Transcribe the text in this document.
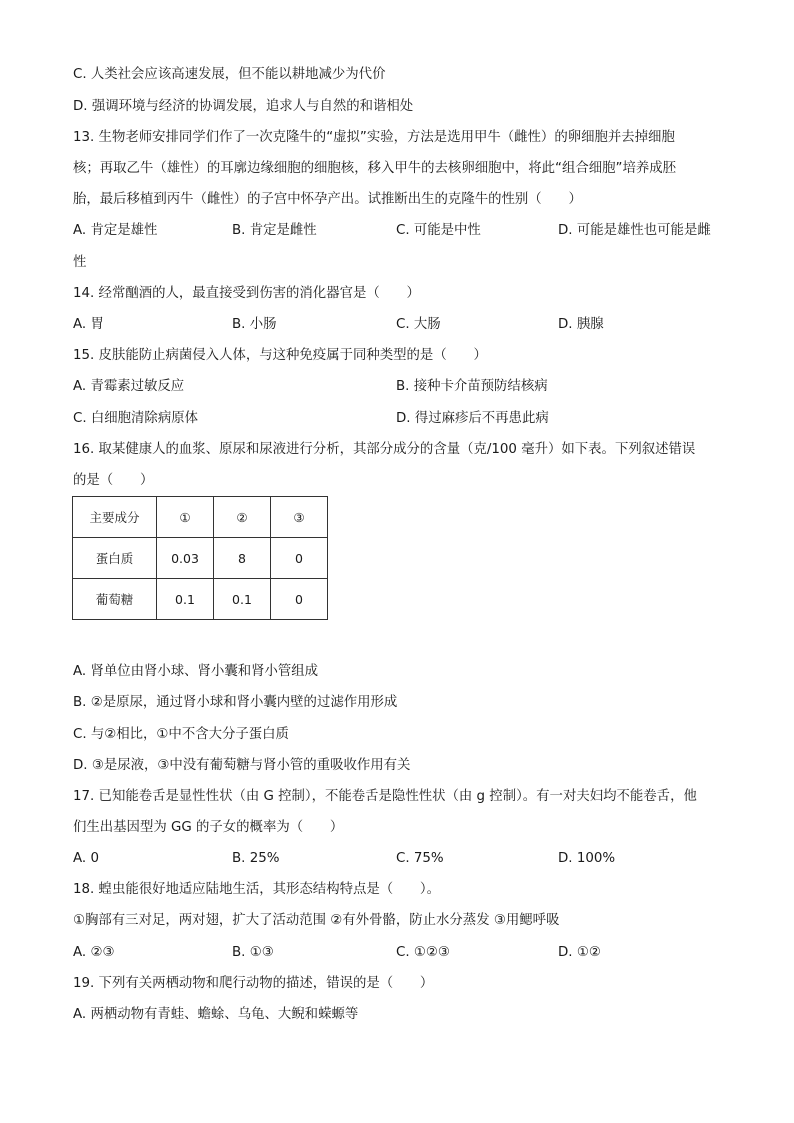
C. 人类社会应该高速发展，但不能以耕地减少为代价
D. 强调环境与经济的协调发展，追求人与自然的和谐相处
13. 生物老师安排同学们作了一次克隆牛的“虚拟”实验，方法是选用甲牛（雌性）的卵细胞并去掉细胞
核；再取乙牛（雄性）的耳廓边缘细胞的细胞核，移入甲牛的去核卵细胞中，将此“组合细胞”培养成胚
胎，最后移植到丙牛（雌性）的子宫中怀孕产出。试推断出生的克隆牛的性别（　　）
A. 肯定是雄性	B. 肯定是雌性	C. 可能是中性	D. 可能是雄性也可能是雌
性
14. 经常酗酒的人，最直接受到伤害的消化器官是（　　）
A. 胃	B. 小肠	C. 大肠	D. 胰腺
15. 皮肤能防止病菌侵入人体，与这种免疫属于同种类型的是（　　）
A. 青霉素过敏反应	B. 接种卡介苗预防结核病
C. 白细胞清除病原体	D. 得过麻疹后不再患此病
16. 取某健康人的血浆、原尿和尿液进行分析，其部分成分的含量（克/100 毫升）如下表。下列叙述错误
的是（　　）
主要成分	①	②	③
蛋白质	0.03	8	0
葡萄糖	0.1	0.1	0
A. 肾单位由肾小球、肾小囊和肾小管组成
B. ②是原尿，通过肾小球和肾小囊内壁的过滤作用形成
C. 与②相比，①中不含大分子蛋白质
D. ③是尿液，③中没有葡萄糖与肾小管的重吸收作用有关
17. 已知能卷舌是显性性状（由 G 控制），不能卷舌是隐性性状（由 g 控制）。有一对夫妇均不能卷舌，他
们生出基因型为 GG 的子女的概率为（　　）
A. 0	B. 25%	C. 75%	D. 100%
18. 蝗虫能很好地适应陆地生活，其形态结构特点是（　　）。
①胸部有三对足，两对翅，扩大了活动范围 ②有外骨骼，防止水分蒸发 ③用鳃呼吸
A. ②③	B. ①③	C. ①②③	D. ①②
19. 下列有关两栖动物和爬行动物的描述，错误的是（　　）
A. 两栖动物有青蛙、蟾蜍、乌龟、大鲵和蝾螈等
